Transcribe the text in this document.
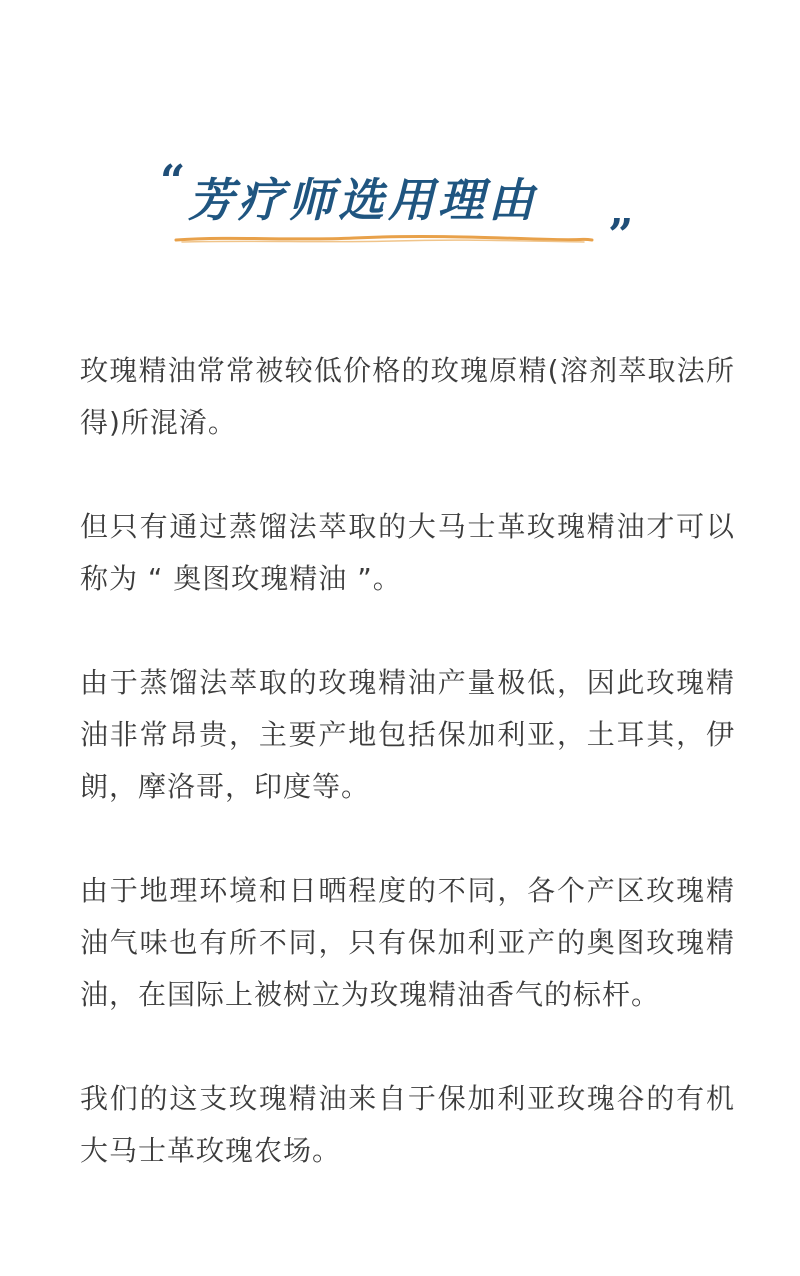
“ 芳疗师选用理由
”

玫瑰精油常常被较低价格的玫瑰原精(溶剂萃取法所得)所混淆。

但只有通过蒸馏法萃取的大马士革玫瑰精油才可以称为 “ 奥图玫瑰精油 ”。

由于蒸馏法萃取的玫瑰精油产量极低，因此玫瑰精油非常昂贵，主要产地包括保加利亚，土耳其，伊朗，摩洛哥，印度等。

由于地理环境和日晒程度的不同，各个产区玫瑰精油气味也有所不同，只有保加利亚产的奥图玫瑰精油，在国际上被树立为玫瑰精油香气的标杆。

我们的这支玫瑰精油来自于保加利亚玫瑰谷的有机大马士革玫瑰农场。
